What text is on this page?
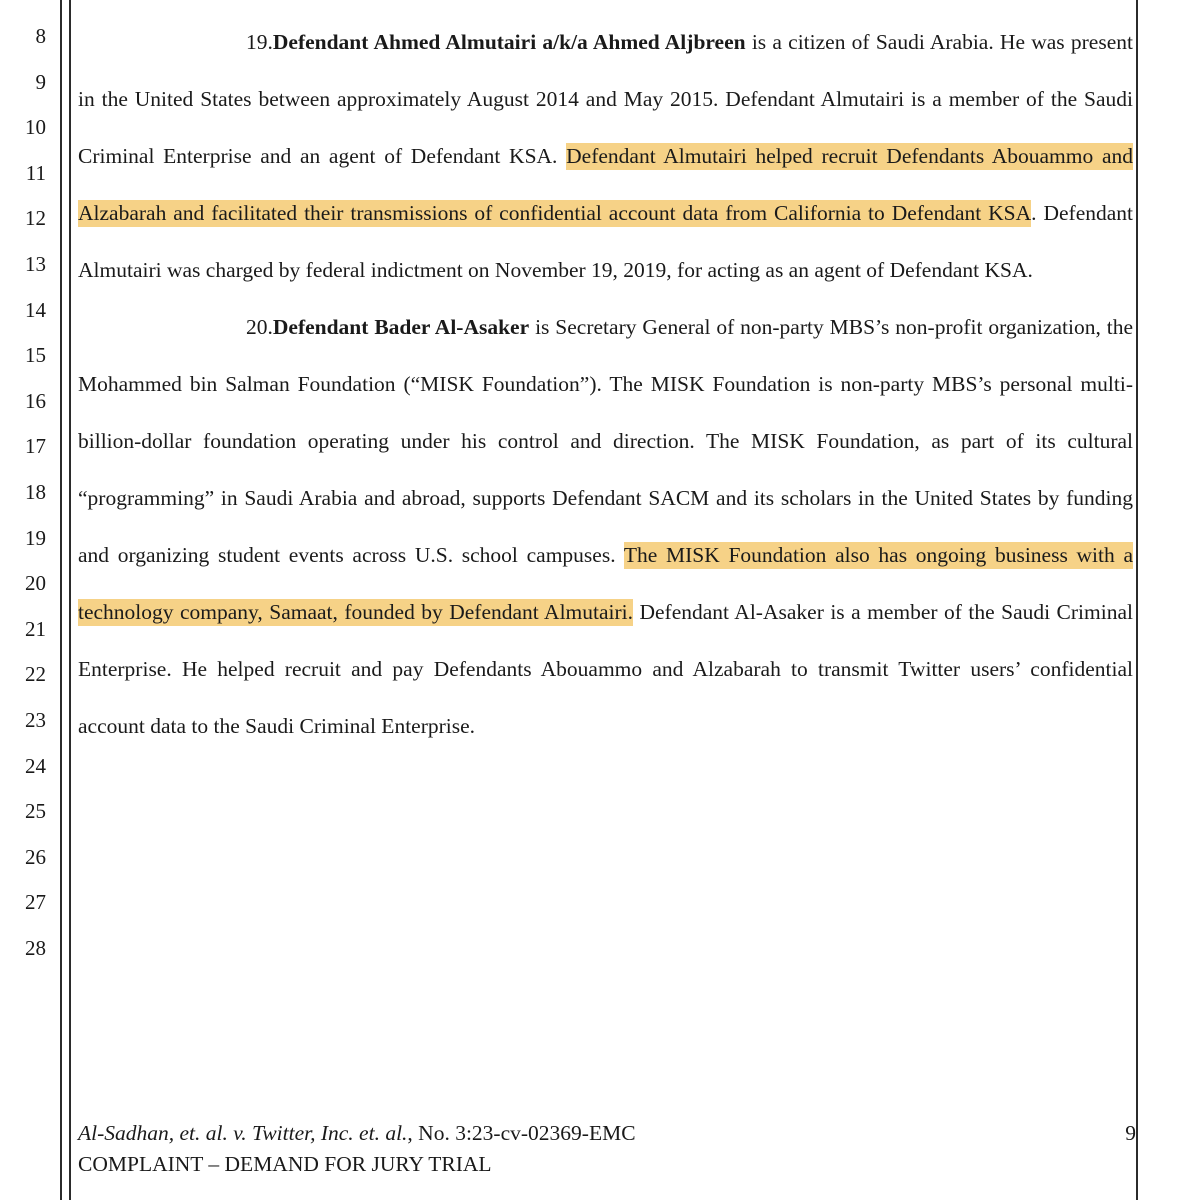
8
9
10
11
12
13
14
15
16
17
18
19
20
21
22
23
24
25
26
27
28

19.Defendant Ahmed Almutairi a/k/a Ahmed Aljbreen is a citizen of Saudi Arabia. He was present in the United States between approximately August 2014 and May 2015. Defendant Almutairi is a member of the Saudi Criminal Enterprise and an agent of Defendant KSA. Defendant Almutairi helped recruit Defendants Abouammo and Alzabarah and facilitated their transmissions of confidential account data from California to Defendant KSA. Defendant Almutairi was charged by federal indictment on November 19, 2019, for acting as an agent of Defendant KSA.

20.Defendant Bader Al-Asaker is Secretary General of non-party MBS’s non-profit organization, the Mohammed bin Salman Foundation (“MISK Foundation”). The MISK Foundation is non-party MBS’s personal multi-billion-dollar foundation operating under his control and direction. The MISK Foundation, as part of its cultural “programming” in Saudi Arabia and abroad, supports Defendant SACM and its scholars in the United States by funding and organizing student events across U.S. school campuses. The MISK Foundation also has ongoing business with a technology company, Samaat, founded by Defendant Almutairi. Defendant Al-Asaker is a member of the Saudi Criminal Enterprise. He helped recruit and pay Defendants Abouammo and Alzabarah to transmit Twitter users’ confidential account data to the Saudi Criminal Enterprise.

Al-Sadhan, et. al. v. Twitter, Inc. et. al., No. 3:23-cv-02369-EMC	9
COMPLAINT – DEMAND FOR JURY TRIAL
